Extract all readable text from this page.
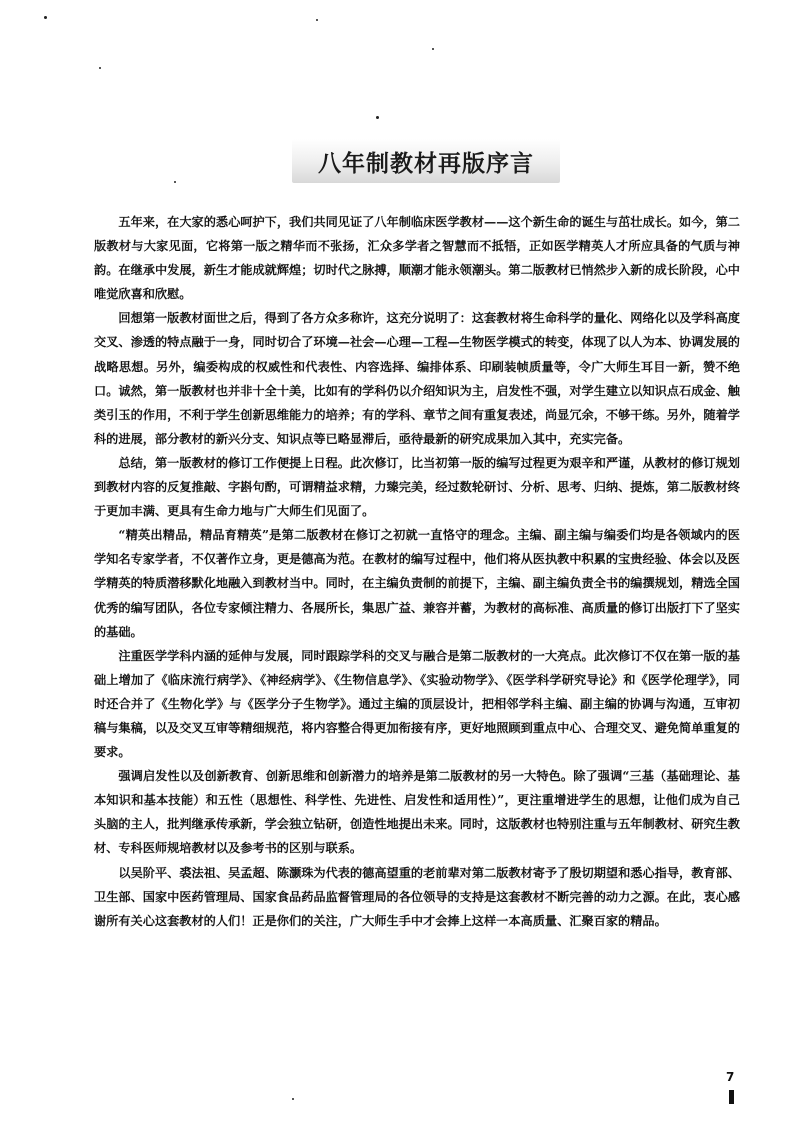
八年制教材再版序言

五年来，在大家的悉心呵护下，我们共同见证了八年制临床医学教材——这个新生命的诞生与茁壮成长。如今，第二版教材与大家见面，它将第一版之精华而不张扬，汇众多学者之智慧而不抵牾，正如医学精英人才所应具备的气质与神韵。在继承中发展，新生才能成就辉煌；切时代之脉搏，顺潮才能永领潮头。第二版教材已悄然步入新的成长阶段，心中唯觉欣喜和欣慰。

回想第一版教材面世之后，得到了各方众多称许，这充分说明了：这套教材将生命科学的量化、网络化以及学科高度交叉、渗透的特点融于一身，同时切合了环境—社会—心理—工程—生物医学模式的转变，体现了以人为本、协调发展的战略思想。另外，编委构成的权威性和代表性、内容选择、编排体系、印刷装帧质量等，令广大师生耳目一新，赞不绝口。诚然，第一版教材也并非十全十美，比如有的学科仍以介绍知识为主，启发性不强，对学生建立以知识点石成金、触类引玉的作用，不利于学生创新思维能力的培养；有的学科、章节之间有重复表述，尚显冗余，不够干练。另外，随着学科的进展，部分教材的新兴分支、知识点等已略显滞后，亟待最新的研究成果加入其中，充实完备。

总结，第一版教材的修订工作便提上日程。此次修订，比当初第一版的编写过程更为艰辛和严谨，从教材的修订规划到教材内容的反复推敲、字斟句酌，可谓精益求精，力臻完美，经过数轮研讨、分析、思考、归纳、提炼，第二版教材终于更加丰满、更具有生命力地与广大师生们见面了。

“精英出精品，精品育精英”是第二版教材在修订之初就一直恪守的理念。主编、副主编与编委们均是各领域内的医学知名专家学者，不仅著作立身，更是德高为范。在教材的编写过程中，他们将从医执教中积累的宝贵经验、体会以及医学精英的特质潜移默化地融入到教材当中。同时，在主编负责制的前提下，主编、副主编负责全书的编撰规划，精选全国优秀的编写团队，各位专家倾注精力、各展所长，集思广益、兼容并蓄，为教材的高标准、高质量的修订出版打下了坚实的基础。

注重医学学科内涵的延伸与发展，同时跟踪学科的交叉与融合是第二版教材的一大亮点。此次修订不仅在第一版的基础上增加了《临床流行病学》、《神经病学》、《生物信息学》、《实验动物学》、《医学科学研究导论》和《医学伦理学》，同时还合并了《生物化学》与《医学分子生物学》。通过主编的顶层设计，把相邻学科主编、副主编的协调与沟通，互审初稿与集稿，以及交叉互审等精细规范，将内容整合得更加衔接有序，更好地照顾到重点中心、合理交叉、避免简单重复的要求。

强调启发性以及创新教育、创新思维和创新潜力的培养是第二版教材的另一大特色。除了强调“三基（基础理论、基本知识和基本技能）和五性（思想性、科学性、先进性、启发性和适用性）”，更注重增进学生的思想，让他们成为自己头脑的主人，批判继承传承新，学会独立钻研，创造性地提出未来。同时，这版教材也特别注重与五年制教材、研究生教材、专科医师规培教材以及参考书的区别与联系。

以吴阶平、裘法祖、吴孟超、陈灏珠为代表的德高望重的老前辈对第二版教材寄予了殷切期望和悉心指导，教育部、卫生部、国家中医药管理局、国家食品药品监督管理局的各位领导的支持是这套教材不断完善的动力之源。在此，衷心感谢所有关心这套教材的人们！正是你们的关注，广大师生手中才会捧上这样一本高质量、汇聚百家的精品。

7
